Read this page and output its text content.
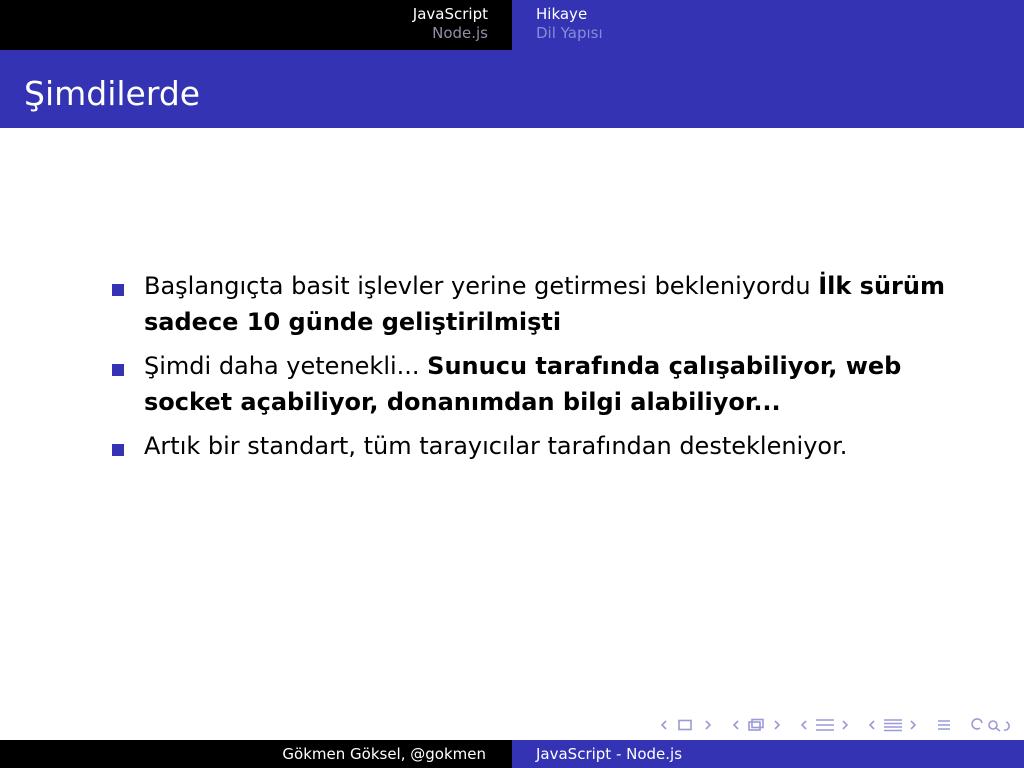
JavaScript
Node.js
Hikaye
Dil Yapısı
Şimdilerde
Başlangıçta basit işlevler yerine getirmesi bekleniyordu İlk sürüm sadece 10 günde geliştirilmişti
Şimdi daha yetenekli... Sunucu tarafında çalışabiliyor, web socket açabiliyor, donanımdan bilgi alabiliyor...
Artık bir standart, tüm tarayıcılar tarafından destekleniyor.
Gökmen Göksel, @gokmen	JavaScript - Node.js
